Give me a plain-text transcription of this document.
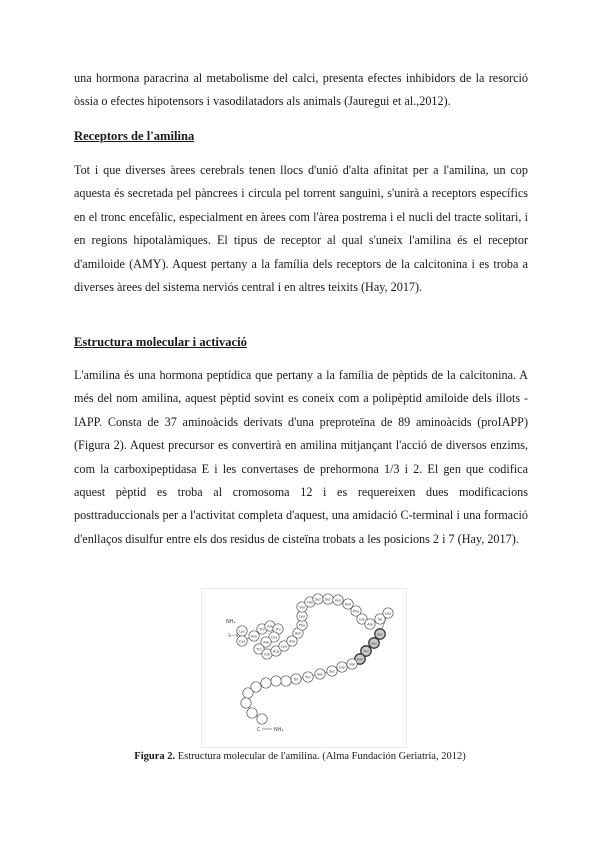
una hormona paracrina al metabolisme del calci, presenta efectes inhibidors de la resorció òssia o efectes hipotensors i vasodilatadors als animals (Jauregui et al.,2012).

Receptors de l'amilina

Tot i que diverses àrees cerebrals tenen llocs d'unió d'alta afinitat per a l'amilina, un cop aquesta és secretada pel pàncrees i circula pel torrent sanguini, s'unirà a receptors específics en el tronc encefàlic, especialment en àrees com l'àrea postrema i el nucli del tracte solitari, i en regions hipotalàmiques. El tipus de receptor al qual s'uneix l'amilina és el receptor d'amiloide (AMY). Aquest pertany a la família dels receptors de la calcitonina i es troba a diverses àrees del sistema nerviós central i en altres teixits (Hay, 2017).

Estructura molecular i activació

L'amilina és una hormona peptídica que pertany a la família de pèptids de la calcitonina. A més del nom amilina, aquest pèptid sovint es coneix com a polipèptid amiloide dels illots - IAPP. Consta de 37 aminoàcids derivats d'una preproteïna de 89 aminoàcids (proIAPP) (Figura 2). Aquest precursor es convertirà en amilina mitjançant l'acció de diversos enzims, com la carboxipeptidasa E i les convertases de prehormona 1/3 i 2. El gen que codifica aquest pèptid es troba al cromosoma 12 i es requereixen dues modificacions posttraduccionals per a l'activitat completa d'aquest, una amidació C-terminal i una formació d'enllaços disulfur entre els dos residus de cisteïna trobats a les posicions 2 i 7 (Hay, 2017).

Lys
Cys
Asn
Thr
Ala
Thr
Cys
Ala
Thr
Gln
Arg
Leu
Ala
Asn
Phe
Leu
Val
His
Ser Ser Asn
Asn
Phe
Gly
Ala
Ile
Leu
Ser
Ser
Thr
Asn
Val
Gly
Ser
Asn
Thr
Tyr
NH₂
S—S
C	NH₂
Figura 2. Estructura molecular de l'amilina. (Alma Fundación Geriatría, 2012)
